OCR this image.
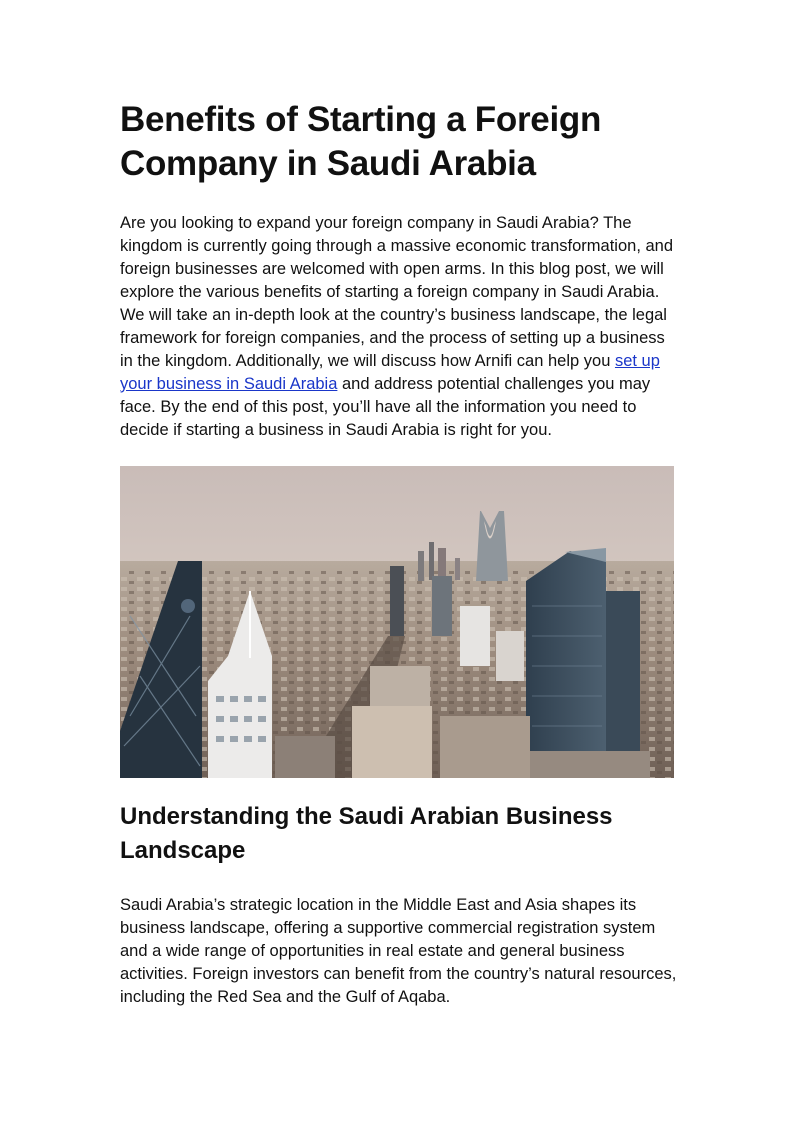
Benefits of Starting a Foreign Company in Saudi Arabia

Are you looking to expand your foreign company in Saudi Arabia? The kingdom is currently going through a massive economic transformation, and foreign businesses are welcomed with open arms. In this blog post, we will explore the various benefits of starting a foreign company in Saudi Arabia. We will take an in-depth look at the country’s business landscape, the legal framework for foreign companies, and the process of setting up a business in the kingdom. Additionally, we will discuss how Arnifi can help you set up your business in Saudi Arabia and address potential challenges you may face. By the end of this post, you’ll have all the information you need to decide if starting a business in Saudi Arabia is right for you.

Understanding the Saudi Arabian Business Landscape

Saudi Arabia’s strategic location in the Middle East and Asia shapes its business landscape, offering a supportive commercial registration system and a wide range of opportunities in real estate and general business activities. Foreign investors can benefit from the country’s natural resources, including the Red Sea and the Gulf of Aqaba.
